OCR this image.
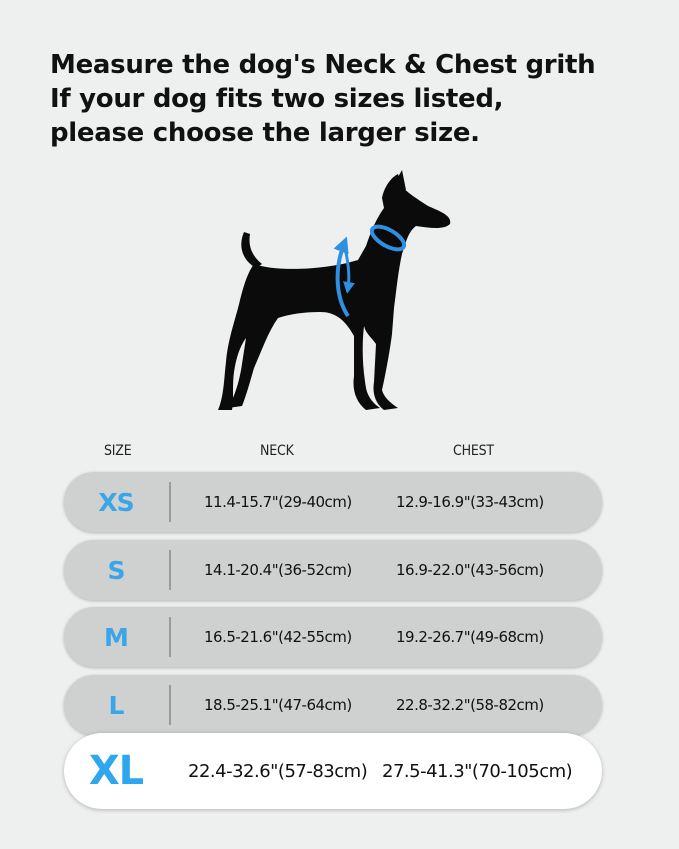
Measure the dog's Neck & Chest grith
If your dog fits two sizes listed,
please choose the larger size.
SIZE	NECK	CHEST
XS	11.4-15.7"(29-40cm)	12.9-16.9"(33-43cm)
S	14.1-20.4"(36-52cm)	16.9-22.0"(43-56cm)
M	16.5-21.6"(42-55cm)	19.2-26.7"(49-68cm)
L	18.5-25.1"(47-64cm)	22.8-32.2"(58-82cm)
XL	22.4-32.6"(57-83cm) 27.5-41.3"(70-105cm)
